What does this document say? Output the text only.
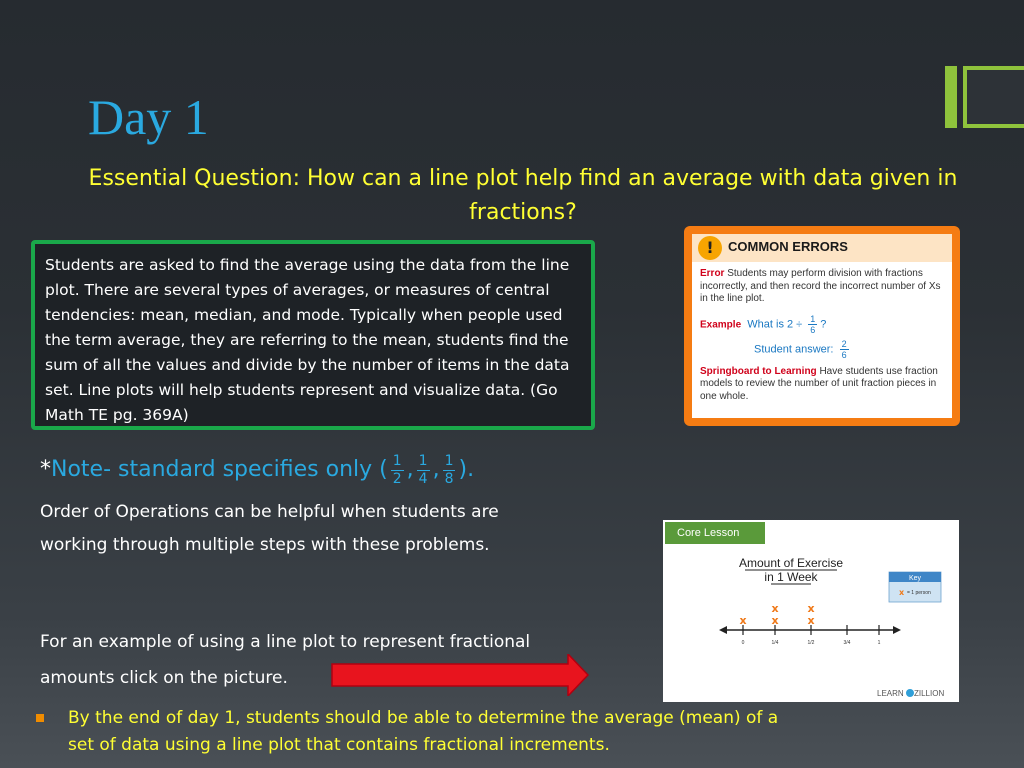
Day 1
Essential Question: How can a line plot help find an average with data given in fractions?

Students are asked to find the average using the data from the line plot. There are several types of averages, or measures of central tendencies: mean, median, and mode. Typically when people used the term average, they are referring to the mean, students find the sum of all the values and divide by the number of items in the data set. Line plots will help students represent and visualize data. (Go Math TE pg. 369A)

*Note- standard specifies only ( $\frac{1}{2}$ , $\frac{1}{4}$ , $\frac{1}{8}$ ).

Order of Operations can be helpful when students are working through multiple steps with these problems.

For an example of using a line plot to represent fractional amounts click on the picture.

By the end of day 1, students should be able to determine the average (mean) of a set of data using a line plot that contains fractional increments.
!	COMMON ERRORS
Error Students may perform division with fractions incorrectly, and then record the incorrect number of Xs in the line plot.
Example What is $2 \div \frac{1}{6}$ ?
Student answer: $\frac{2}{6}$
Springboard to Learning Have students use fraction models to review the number of unit fraction pieces in one whole.
Core Lesson
Amount of Exercise
in 1 Week	Key
x = 1 person
0	1/4	1/2	3/4	1
x x
x
x
x
LEARN ZILLION
